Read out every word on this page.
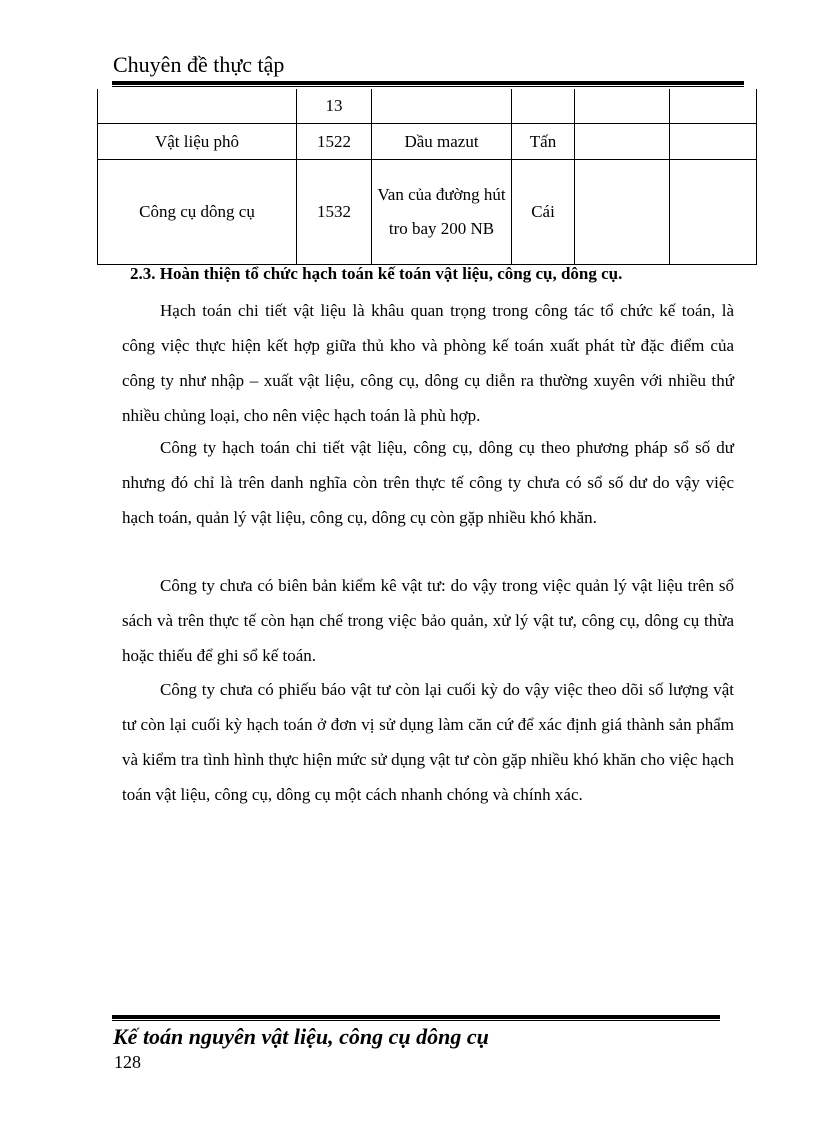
Chuyên đề thực tập
	13				
Vật liệu phô	1522	Dầu mazut	Tấn		
Công cụ dông cụ	1532	Van của đường hút tro bay 200 NB	Cái		
2.3. Hoàn thiện tổ chức hạch toán kế toán vật liệu, công cụ, dông cụ.

Hạch toán chi tiết vật liệu là khâu quan trọng trong công tác tổ chức kế toán, là công việc thực hiện kết hợp giữa thủ kho và phòng kế toán xuất phát từ đặc điểm của công ty như nhập – xuất vật liệu, công cụ, dông cụ diễn ra thường xuyên với nhiều thứ nhiều chủng loại, cho nên việc hạch toán là phù hợp.

Công ty hạch toán chi tiết vật liệu, công cụ, dông cụ theo phương pháp sổ số dư nhưng đó chỉ là trên danh nghĩa còn trên thực tế công ty chưa có sổ số dư do vậy việc hạch toán, quản lý vật liệu, công cụ, dông cụ còn gặp nhiều khó khăn.

Công ty chưa có biên bản kiểm kê vật tư: do vậy trong việc quản lý vật liệu trên sổ sách và trên thực tế còn hạn chế trong việc bảo quản, xử lý vật tư, công cụ, dông cụ thừa hoặc thiếu để ghi sổ kế toán.

Công ty chưa có phiếu báo vật tư còn lại cuối kỳ do vậy việc theo dõi số lượng vật tư còn lại cuối kỳ hạch toán ở đơn vị sử dụng làm căn cứ để xác định giá thành sản phẩm và kiểm tra tình hình thực hiện mức sử dụng vật tư còn gặp nhiều khó khăn cho việc hạch toán vật liệu, công cụ, dông cụ một cách nhanh chóng và chính xác.

Kế toán nguyên vật liệu, công cụ dông cụ
128
